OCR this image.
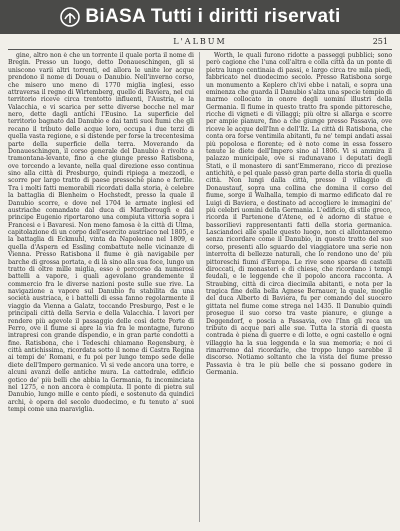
BiASA Tutti i diritti riservati
L'ALBUM	251

gine, altro non è che un torrente il quale porta il nome di Bregin. Presso un luogo, detto Donaueschingen, gli si uniscono varii altri torrenti, ed allora le unite lor acque prendono il nome di Douau o Danubio. Nell'inverno corso, che misero uno meno di 1770 miglia inglesi, esso attraversa il regno di Wirtemberg, quello di Baviera, nel cui territorio riceve circa trentotto influenti, l'Austria, e la Valacchia, e vi scarica per sette diverse bocche nel mar nero, dette dagli antichi l'Eusino. La superficie del territorio bagnato dal Danubio e dai tanti suoi fiumi che gli recano il tributo delle acque loro, occupa i due terzi di quella vasta regione, e si distende per forse la trecentesima parte della superficie della terra. Moverando da Donaueschingen, il corso generale del Danubio è rivolto a tramontana-levante, fino a che giunge presso Ratisbona, ove torcendo a levante, nella qual direzione esso continua sino alla città di Presburgo, quindi ripiega a mezzodì, e scorre per largo tratto di paese pressochè piano e fertile. Tra i molti fatti memorabili ricordati dalla storia, è celebre la battaglia di Blenheim o Hochstedt, presso la quale il Danubio scorre, e dove nel 1704 le armate inglesi ed austriache comandate dal duca di Marlborough e dal principe Eugenio riportarono una compiuta vittoria sopra i Francesi e i Bavaresi. Non meno famosa è la città di Ulma, capitolazione di un corpo dell'esercito austriaco nel 1805, e la battaglia di Eckmuhl, vinta da Napoleone nel 1809, e quella d'Aspern ed Essling combattute nelle vicinanze di Vienna. Presso Ratisbona il fiume è già navigabile per barche di grossa portata, e di là sino alla sua foce, lungo un tratto di oltre mille miglia, esso è percorso da numerosi battelli a vapore, i quali agevolano grandemente il commercio fra le diverse nazioni poste sulle sue rive. La navigazione a vapore sul Danubio fu stabilita da una società austriaca, e i battelli di essa fanno regolarmente il viaggio da Vienna a Galatz, toccando Presburgo, Pest e le principali città della Servia e della Valacchia. I lavori per rendere più agevole il passaggio delle così dette Porte di Ferro, ove il fiume si apre la via fra le montagne, furono intrapresi con grande dispendio, e in gran parte condotti a fine. Ratisbona, che i Tedeschi chiamano Regensburg, è città antichissima, ricordata sotto il nome di Castra Regina ai tempi de' Romani, e fu poi per lungo tempo sede delle diete dell'Impero germanico. Vi si vede ancora una torre, e alcuni avanzi delle antiche mura. La cattedrale, edificio gotico de' più belli che abbia la Germania, fu incominciata nel 1275, e non ancora è compiuta. Il ponte di pietra sul Danubio, lungo mille e cento piedi, e sostenuto da quindici archi, è opera del secolo duodecimo, e fu tenuto a' suoi tempi come una maraviglia.

Worth, le quali furono ridotte a passeggi pubblici; sono però cagione che l'una coll'altra e colla città da un ponte di pietra lungo centinaia di passi, e largo circa tre mila piedi, fabbricato nel duodecimo secolo. Presso Ratisbona sorge un monumento a Keplero ch'ivi ebbe i natali, e sopra una eminenza che guarda il Danubio s'alza una specie tempio di marmo collocato in onore degli uomini illustri della Germania. Il fiume in questo tratto fra sponde pittoresche, ricche di vigneti e di villaggi; più oltre si allarga e scorre per ampie pianure, fino a che giunge presso Passavia, ove riceve le acque dell'Inn e dell'Ilz. La città di Ratisbona, che conta ora forse ventimila abitanti, fu ne' tempi andati assai più popolosa e fiorente; ed è noto come in essa fossero tenute le diete dell'Impero sino al 1806. Vi si ammira il palazzo municipale, ove si radunavano i deputati degli Stati, e il monastero di sant'Emmerano, ricco di preziose antichità, e pel quale passò gran parte della storia di quella città. Non lungi dalla città, presso il villaggio di Donaustauf, sopra una collina che domina il corso del fiume, sorge il Walhalla, tempio di marmo edificato dal re Luigi di Baviera, e destinato ad accogliere le immagini de' più celebri uomini della Germania. L'edificio, di stile greco, ricorda il Partenone d'Atene, ed è adorno di statue e bassorilievi rappresentanti fatti della storia germanica. Lasciandoci alle spalle questo luogo, non ci allontaneremo senza ricordare come il Danubio, in questo tratto del suo corso, presenti allo sguardo del viaggiatore una serie non interrotta di bellezze naturali, che lo rendono uno de' più pittoreschi fiumi d'Europa. Le rive sono sparse di castelli diroccati, di monasteri e di chiese, che ricordano i tempi feudali, e le leggende che il popolo ancora racconta. A Straubing, città di circa diecimila abitanti, e nota per la tragica fine della bella Agnese Bernauer, la quale, moglie del duca Alberto di Baviera, fu per comando del suocero gittata nel fiume come strega nel 1435. Il Danubio quindi prosegue il suo corso tra vaste pianure, e giunge a Deggendorf, e poscia a Passavia, ove l'Inn gli reca un tributo di acque pari alle sue. Tutta la storia di questa contrada è piena di guerre e di lotte, e ogni castello e ogni villaggio ha la sua leggenda e la sua memoria; e noi ci rimarremo dal ricordarle, che troppo lungo sarebbe il discorso. Notiamo soltanto che la vista del fiume presso Passavia è tra le più belle che si possano godere in Germania.
